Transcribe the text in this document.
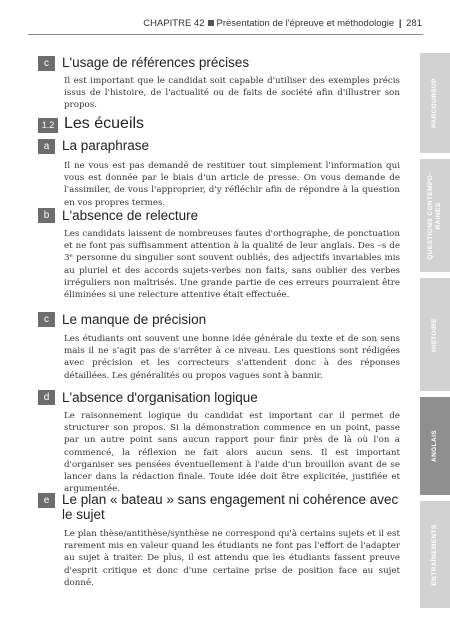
CHAPITRE 42 Présentation de l'épreuve et méthodologie | 281
PARCOURSUP
QUESTIONS CONTEMPO-
RAINES
HISTOIRE
ANGLAIS
ENTRAÎNEMENTS
c L'usage de références précises

Il est important que le candidat soit capable d'utiliser des exemples précis issus de l'histoire, de l'actualité ou de faits de société afin d'illustrer son propos.

1.2 Les écueils
a La paraphrase

Il ne vous est pas demandé de restituer tout simplement l'information qui vous est donnée par le biais d'un article de presse. On vous demande de l'assimiler, de vous l'approprier, d'y réfléchir afin de répondre à la question en vos propres termes.

b L'absence de relecture

Les candidats laissent de nombreuses fautes d'orthographe, de ponctuation et ne font pas suffisamment attention à la qualité de leur anglais. Des –s de 3ᵉ personne du singulier sont souvent oubliés, des adjectifs invariables mis au pluriel et des accords sujets-verbes non faits, sans oublier des verbes irréguliers non maîtrisés. Une grande partie de ces erreurs pourraient être éliminées si une relecture attentive était effectuée.

c Le manque de précision

Les étudiants ont souvent une bonne idée générale du texte et de son sens mais il ne s'agit pas de s'arrêter à ce niveau. Les questions sont rédigées avec précision et les correcteurs s'attendent donc à des réponses détaillées. Les généralités ou propos vagues sont à bannir.

d L'absence d'organisation logique

Le raisonnement logique du candidat est important car il permet de structurer son propos. Si la démonstration commence en un point, passe par un autre point sans aucun rapport pour finir près de là où l'on a commencé, la réflexion ne fait alors aucun sens. Il est important d'organiser ses pensées éventuellement à l'aide d'un brouillon avant de se lancer dans la rédaction finale. Toute idée doit être explicitée, justifiée et argumentée.

e Le plan « bateau » sans engagement ni cohérence avec le sujet

Le plan thèse/antithèse/synthèse ne correspond qu'à certains sujets et il est rarement mis en valeur quand les étudiants ne font pas l'effort de l'adapter au sujet à traiter. De plus, il est attendu que les étudiants fassent preuve d'esprit critique et donc d'une certaine prise de position face au sujet donné.
